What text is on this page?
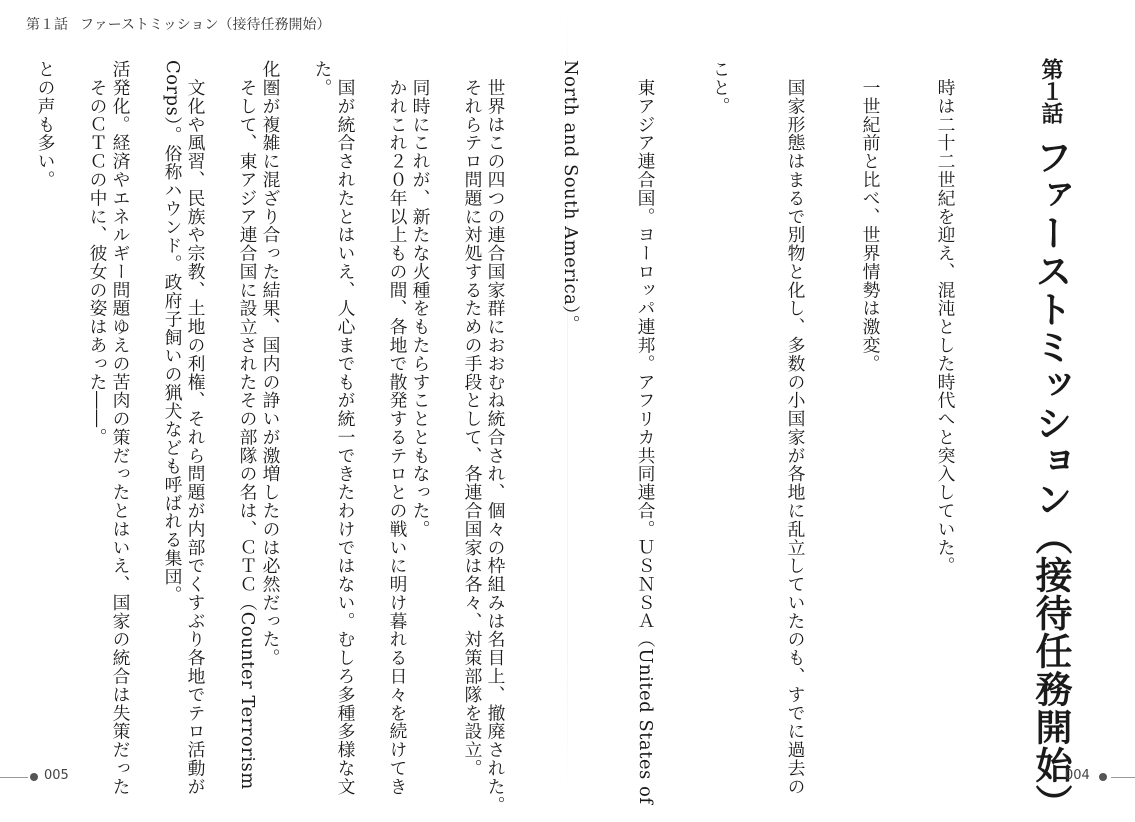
第１話 ファーストミッション（接待任務開始）

　それらテロ問題に対処するための手段として、各連合国家は各々、対策部隊を設立。

　かれこれ２０年以上もの間、各地で散発するテロとの戦いに明け暮れる日々を続けてき

た。

　そして、東アジア連合国に設立されたその部隊の名は、ＣＴＣ（Counter Terrorism

Corps）。俗称ハウンド。政府子飼いの猟犬なども呼ばれる集団。

　そのＣＴＣの中に、彼女の姿はあった――。

	　時は二十二世紀を迎え、混沌とした時代へと突入していた。

　一世紀前と比べ、世界情勢は激変。

　国家形態はまるで別物と化し、多数の小国家が各地に乱立していたのも、すでに過去の

こと。

　東アジア連合国。ヨーロッパ連邦。アフリカ共同連合。ＵＳＮＳＡ（United States of

North and South America）。

　世界はこの四つの連合国家群におおむね統合され、個々の枠組みは名目上、撤廃された。

　同時にこれが、新たな火種をもたらすことともなった。

　国が統合されたとはいえ、人心までもが統一できたわけではない。むしろ多種多様な文

化圏が複雑に混ざり合った結果、国内の諍いが激増したのは必然だった。

　文化や風習、民族や宗教、土地の利権、それら問題が内部でくすぶり各地でテロ活動が

活発化。経済やエネルギー問題ゆえの苦肉の策だったとはいえ、国家の統合は失策だった

との声も多い。

	第１話 ファーストミッション（接待任務開始）
005	004
